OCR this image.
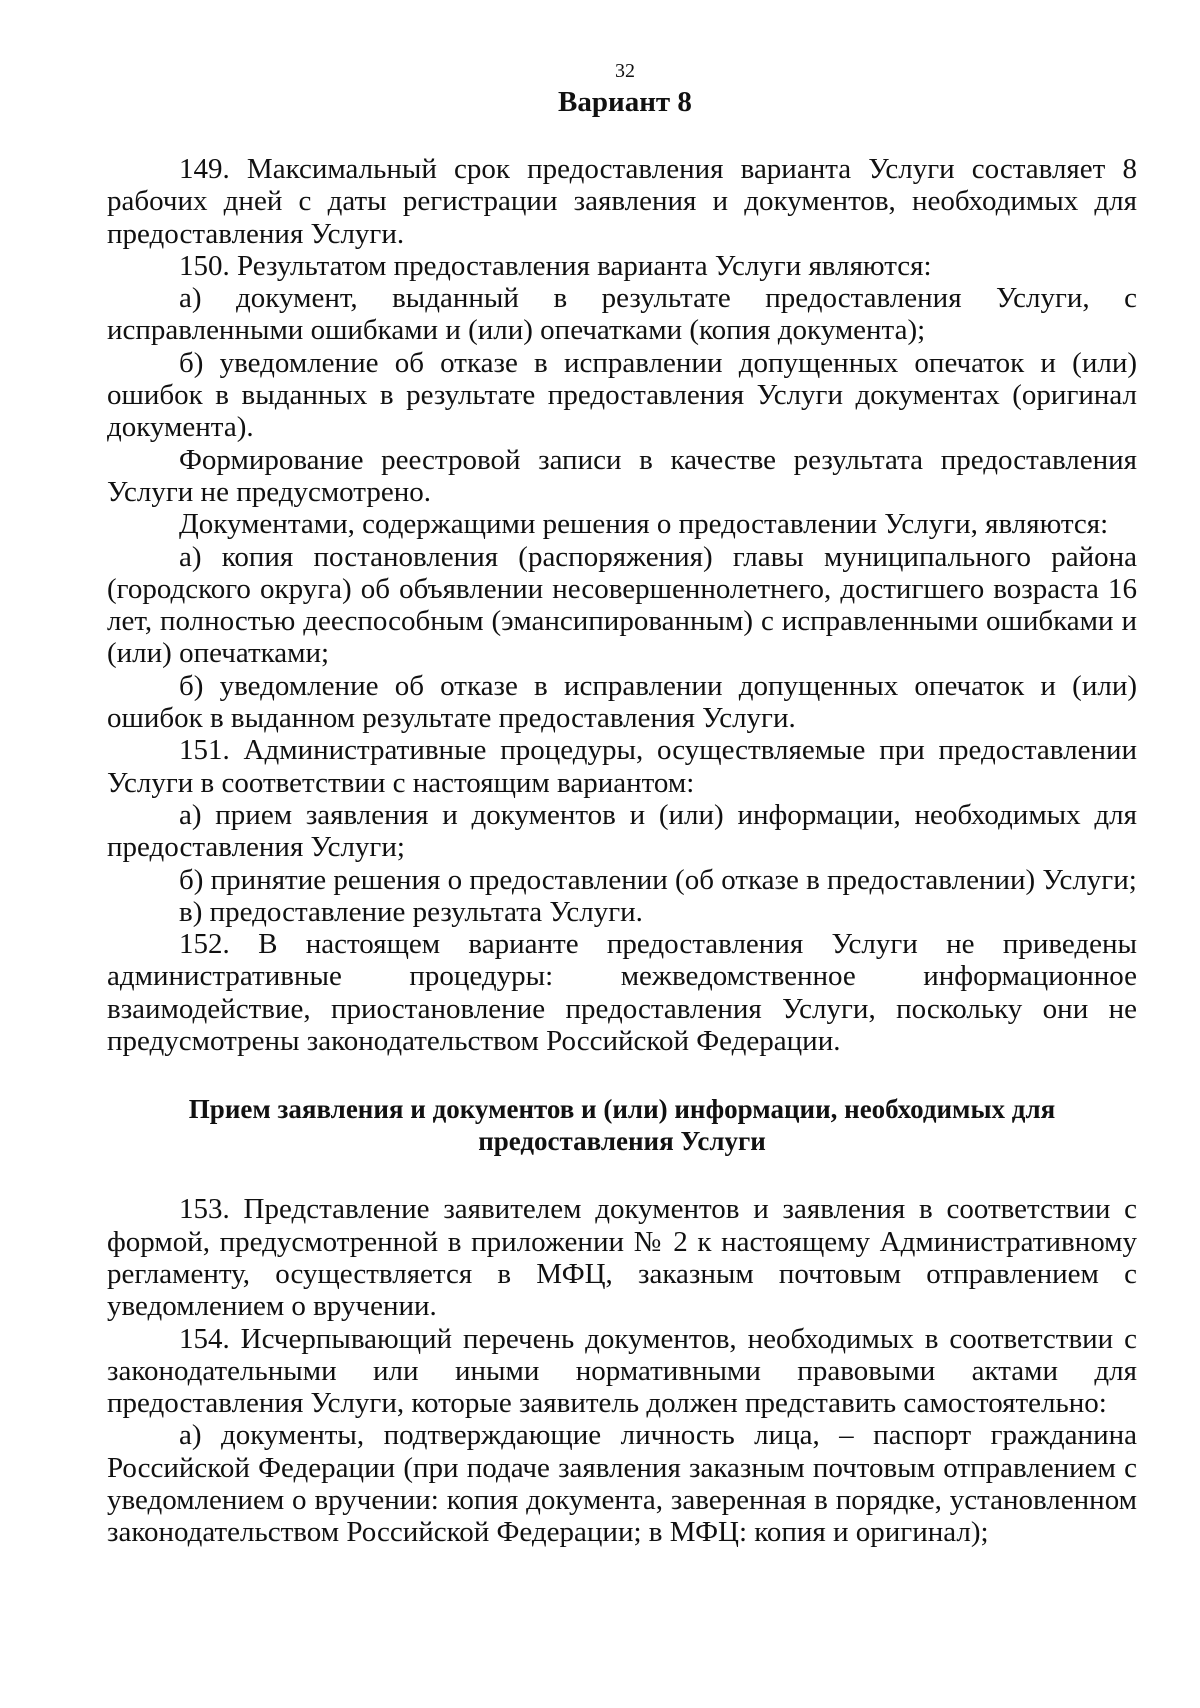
32
Вариант 8

149. Максимальный срок предоставления варианта Услуги составляет 8 рабочих дней с даты регистрации заявления и документов, необходимых для предоставления Услуги.

150. Результатом предоставления варианта Услуги являются:

а) документ, выданный в результате предоставления Услуги, с исправленными ошибками и (или) опечатками (копия документа);

б) уведомление об отказе в исправлении допущенных опечаток и (или) ошибок в выданных в результате предоставления Услуги документах (оригинал документа).

Формирование реестровой записи в качестве результата предоставления Услуги не предусмотрено.

Документами, содержащими решения о предоставлении Услуги, являются:

а) копия постановления (распоряжения) главы муниципального района (городского округа) об объявлении несовершеннолетнего, достигшего возраста 16 лет, полностью дееспособным (эмансипированным) с исправленными ошибками и (или) опечатками;

б) уведомление об отказе в исправлении допущенных опечаток и (или) ошибок в выданном результате предоставления Услуги.

151. Административные процедуры, осуществляемые при предоставлении Услуги в соответствии с настоящим вариантом:

а) прием заявления и документов и (или) информации, необходимых для предоставления Услуги;

б) принятие решения о предоставлении (об отказе в предоставлении) Услуги;

в) предоставление результата Услуги.

152. В настоящем варианте предоставления Услуги не приведены административные процедуры: межведомственное информационное взаимодействие, приостановление предоставления Услуги, поскольку они не предусмотрены законодательством Российской Федерации.

Прием заявления и документов и (или) информации, необходимых для предоставления Услуги

153. Представление заявителем документов и заявления в соответствии с формой, предусмотренной в приложении № 2 к настоящему Административному регламенту, осуществляется в МФЦ, заказным почтовым отправлением с уведомлением о вручении.

154. Исчерпывающий перечень документов, необходимых в соответствии с законодательными или иными нормативными правовыми актами для предоставления Услуги, которые заявитель должен представить самостоятельно:

а) документы, подтверждающие личность лица, – паспорт гражданина Российской Федерации (при подаче заявления заказным почтовым отправлением с уведомлением о вручении: копия документа, заверенная в порядке, установленном законодательством Российской Федерации; в МФЦ: копия и оригинал);
